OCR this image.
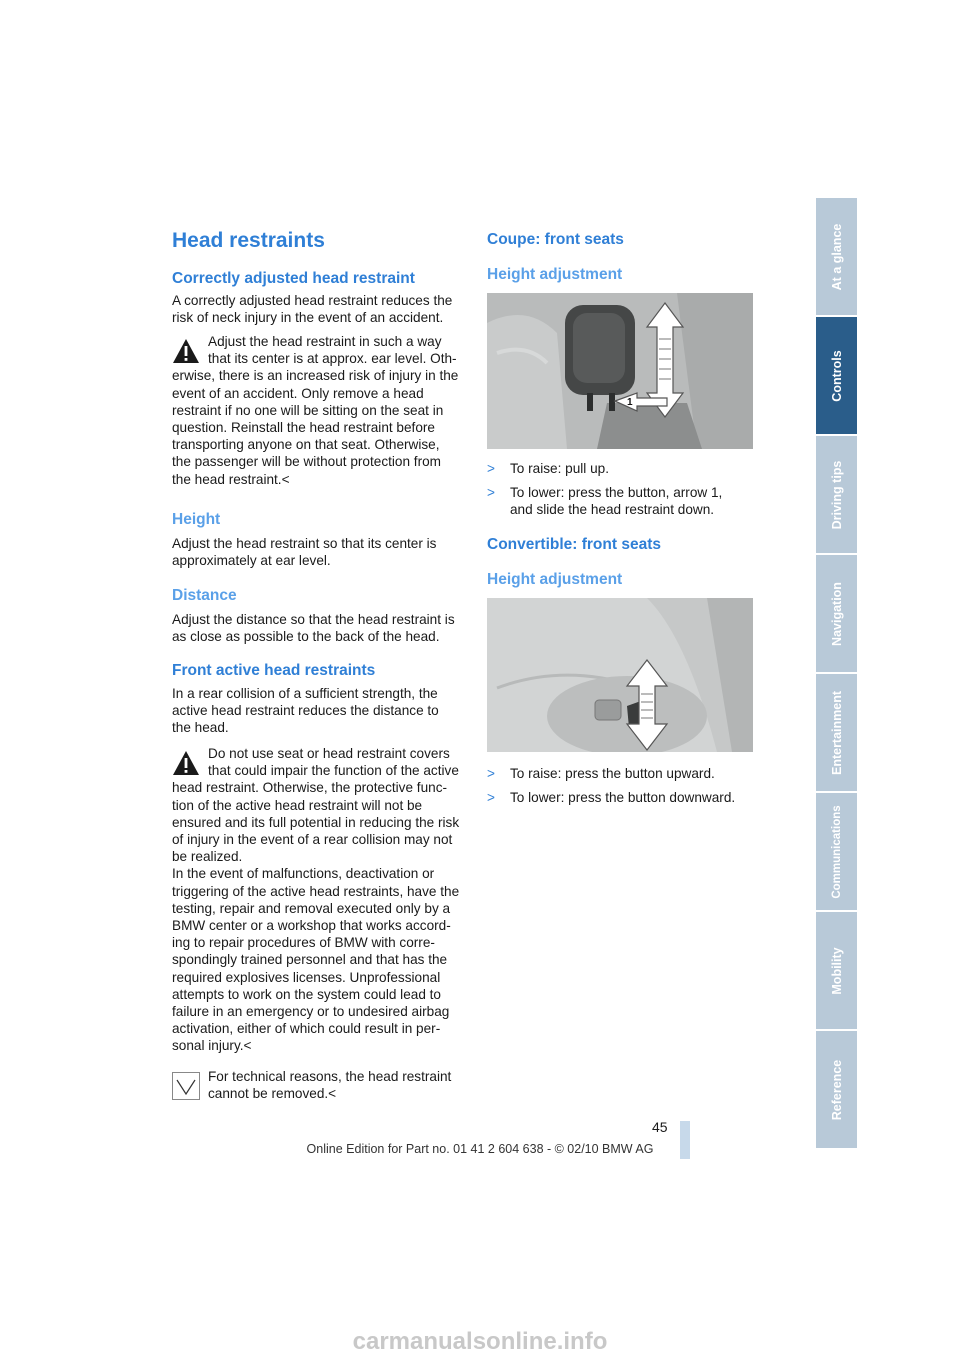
Head restraints
Correctly adjusted head restraint
A correctly adjusted head restraint reduces the
risk of neck injury in the event of an accident.
Adjust the head restraint in such a way
that its center is at approx. ear level. Oth-
erwise, there is an increased risk of injury in the
event of an accident. Only remove a head
restraint if no one will be sitting on the seat in
question. Reinstall the head restraint before
transporting anyone on that seat. Otherwise,
the passenger will be without protection from
the head restraint.<
Height
Adjust the head restraint so that its center is
approximately at ear level.
Distance
Adjust the distance so that the head restraint is
as close as possible to the back of the head.
Front active head restraints
In a rear collision of a sufficient strength, the
active head restraint reduces the distance to
the head.
Do not use seat or head restraint covers
that could impair the function of the active
head restraint. Otherwise, the protective func-
tion of the active head restraint will not be
ensured and its full potential in reducing the risk
of injury in the event of a rear collision may not
be realized.
In the event of malfunctions, deactivation or
triggering of the active head restraints, have the
testing, repair and removal executed only by a
BMW center or a workshop that works accord-
ing to repair procedures of BMW with corre-
spondingly trained personnel and that has the
required explosives licenses. Unprofessional
attempts to work on the system could lead to
failure in an emergency or to undesired airbag
activation, either of which could result in per-
sonal injury.<
For technical reasons, the head restraint
cannot be removed.<
Coupe: front seats
Height adjustment
1
> To raise: pull up.
> To lower: press the button, arrow 1,
and slide the head restraint down.
Convertible: front seats
Height adjustment
> To raise: press the button upward.
> To lower: press the button downward.
At a glance
Controls
Driving tips
Navigation
Entertainment
Communications
Mobility
Reference
45
Online Edition for Part no. 01 41 2 604 638 - © 02/10 BMW AG
carmanualsonline.info
